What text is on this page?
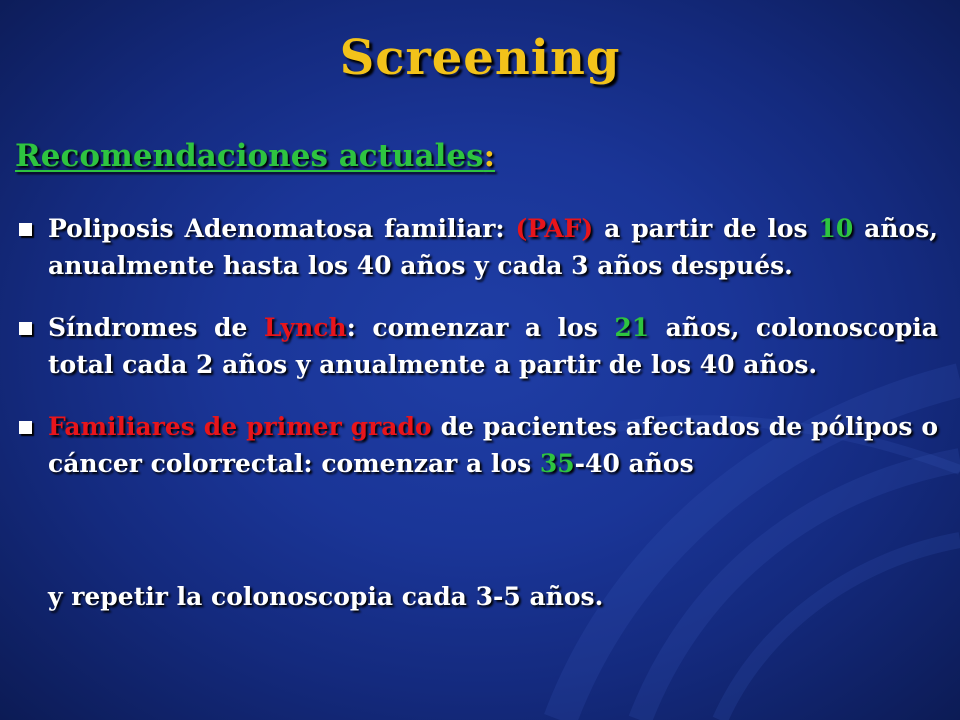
Screening
Recomendaciones actuales:
Poliposis Adenomatosa familiar: (PAF) a partir de los 10 años, anualmente hasta los 40 años y cada 3 años después.
Síndromes de Lynch: comenzar a los 21 años, colonoscopia total cada 2 años y anualmente a partir de los 40 años.
Familiares de primer grado de pacientes afectados de pólipos o cáncer colorrectal: comenzar a los 35-40 años
y repetir la colonoscopia cada 3-5 años.
